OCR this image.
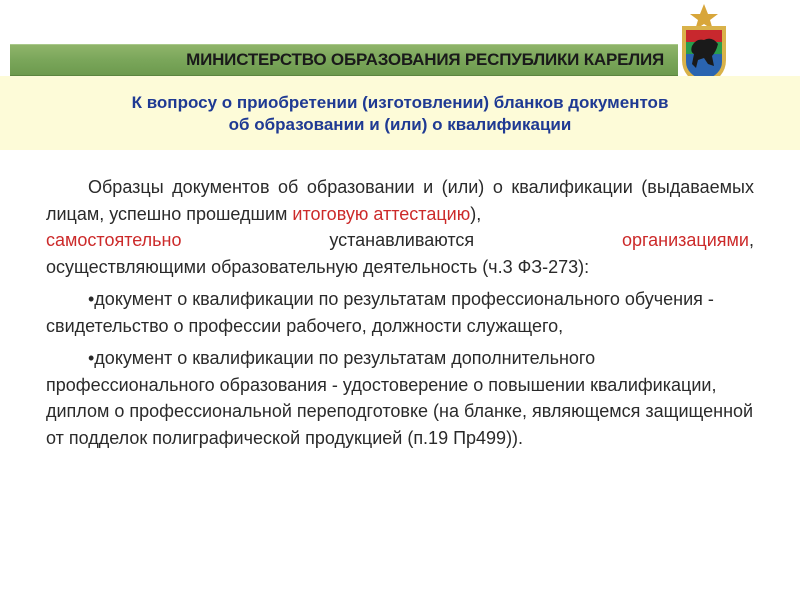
МИНИСТЕРСТВО ОБРАЗОВАНИЯ РЕСПУБЛИКИ КАРЕЛИЯ
К вопросу о приобретении (изготовлении) бланков документов
об образовании и (или) о квалификации

Образцы документов об образовании и (или) о квалификации (выдаваемых лицам, успешно прошедшим итоговую аттестацию),

самостоятельно	устанавливаются	организациями,

осуществляющими образовательную деятельность (ч.3 ФЗ-273):

•документ о квалификации по результатам профессионального обучения - свидетельство о профессии рабочего, должности служащего,

•документ о квалификации по результатам дополнительного профессионального образования - удостоверение о повышении квалификации, диплом о профессиональной переподготовке (на бланке, являющемся защищенной от подделок полиграфической продукцией (п.19 Пр499)).
